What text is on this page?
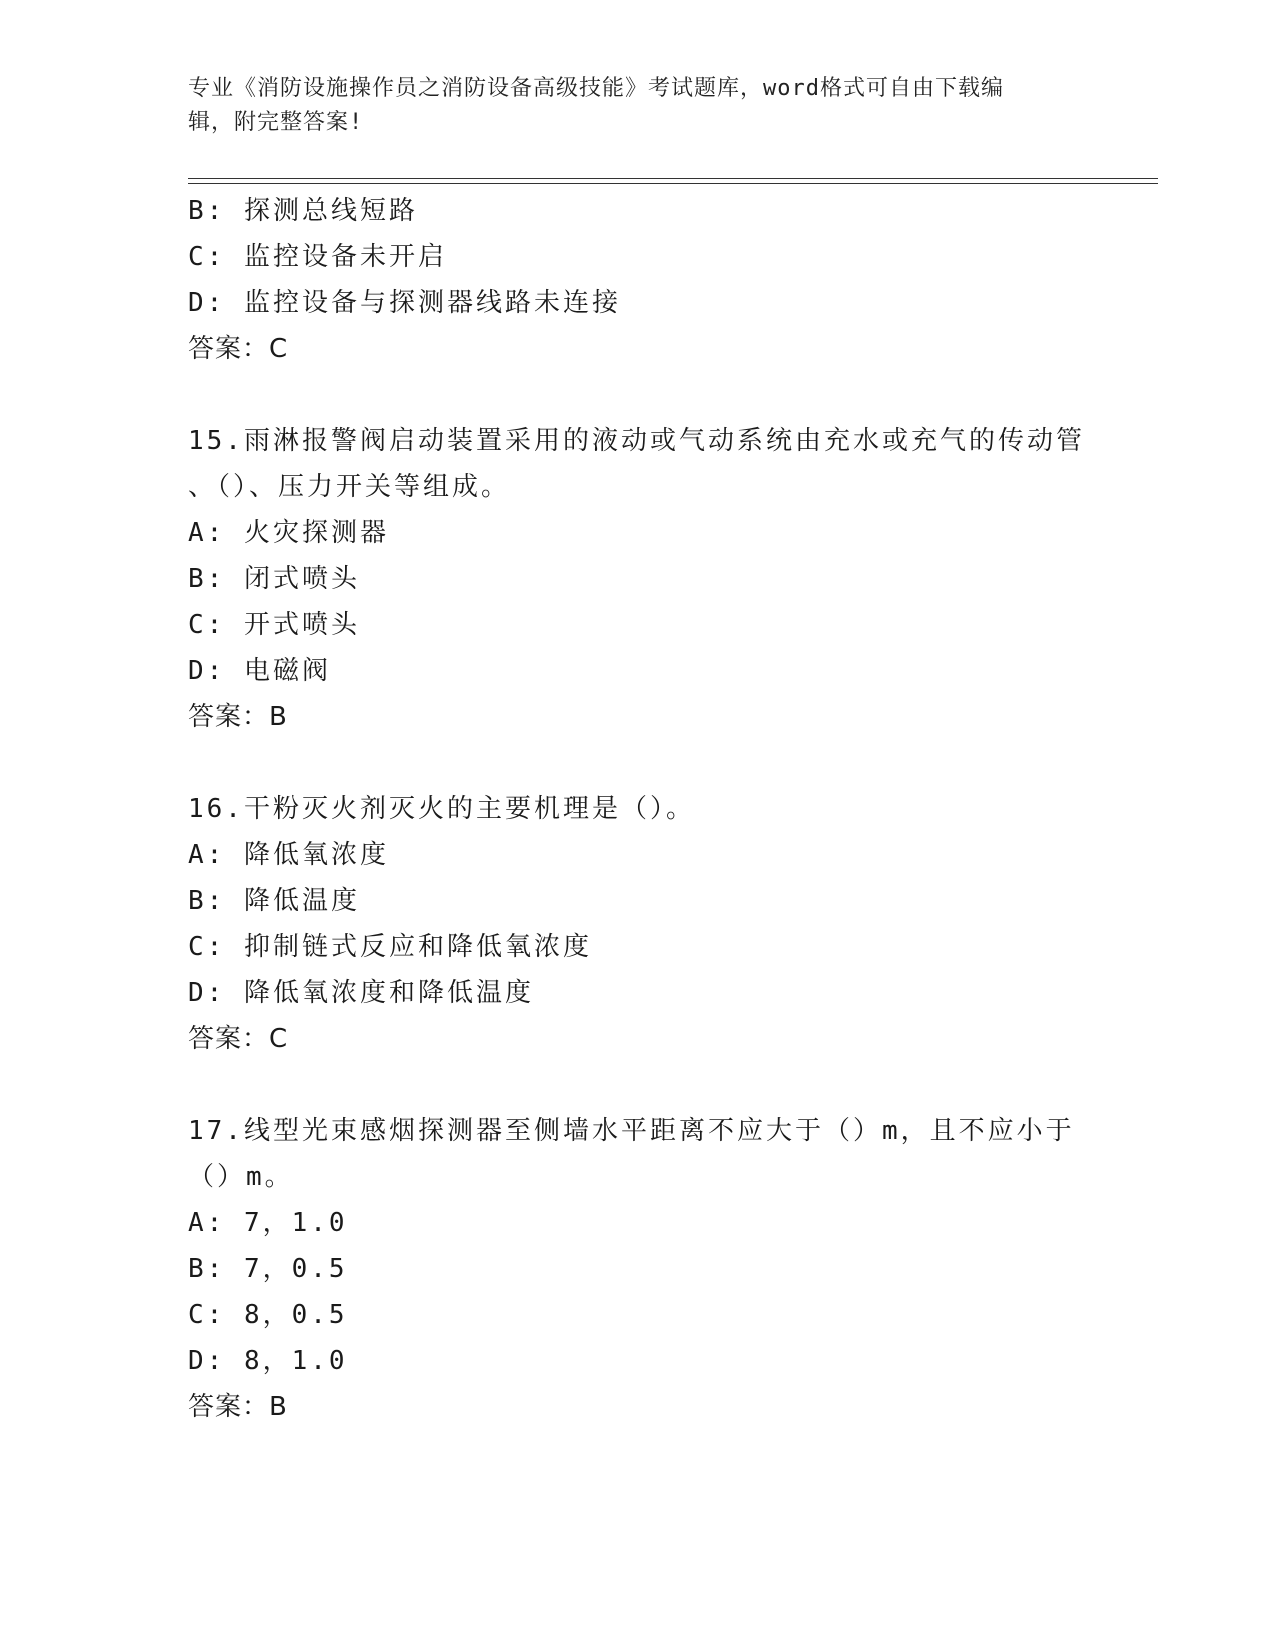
专业《消防设施操作员之消防设备高级技能》考试题库，word格式可自由下载编
辑，附完整答案!
B: 探测总线短路
C: 监控设备未开启
D: 监控设备与探测器线路未连接
答案：C
15.雨淋报警阀启动装置采用的液动或气动系统由充水或充气的传动管
、（）、压力开关等组成。
A: 火灾探测器
B: 闭式喷头
C: 开式喷头
D: 电磁阀
答案：B
16.干粉灭火剂灭火的主要机理是（）。
A: 降低氧浓度
B: 降低温度
C: 抑制链式反应和降低氧浓度
D: 降低氧浓度和降低温度
答案：C
17.线型光束感烟探测器至侧墙水平距离不应大于（）m，且不应小于
（）m。
A: 7，1.0
B: 7，0.5
C: 8，0.5
D: 8，1.0
答案：B
